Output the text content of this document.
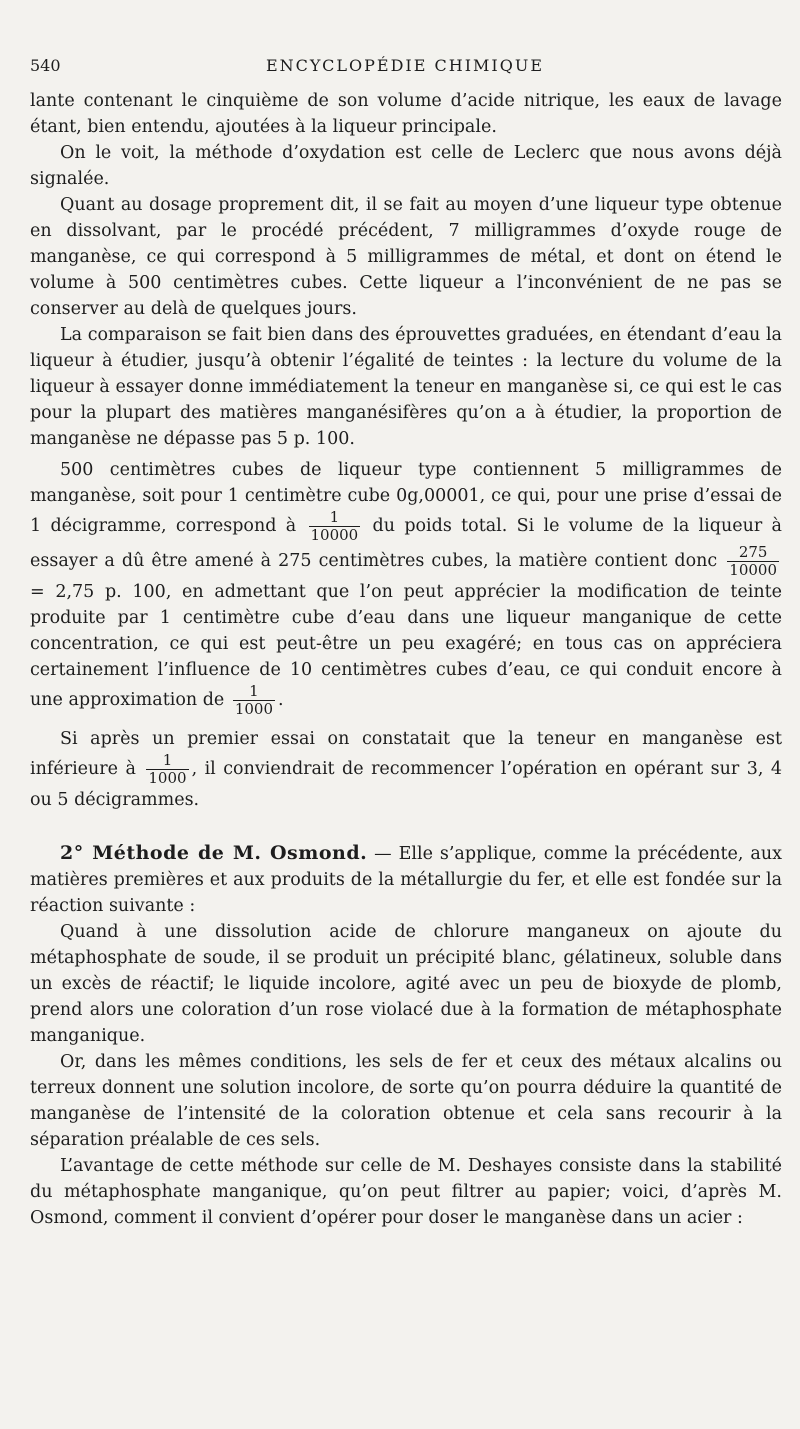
540	ENCYCLOPÉDIE CHIMIQUE

lante contenant le cinquième de son volume d’acide nitrique, les eaux de lavage étant, bien entendu, ajoutées à la liqueur principale.

On le voit, la méthode d’oxydation est celle de Leclerc que nous avons déjà signalée.

Quant au dosage proprement dit, il se fait au moyen d’une liqueur type obtenue en dissolvant, par le procédé précédent, 7 milligrammes d’oxyde rouge de manganèse, ce qui correspond à 5 milligrammes de métal, et dont on étend le volume à 500 centimètres cubes. Cette liqueur a l’inconvénient de ne pas se conserver au delà de quelques jours.

La comparaison se fait bien dans des éprouvettes graduées, en étendant d’eau la liqueur à étudier, jusqu’à obtenir l’égalité de teintes : la lecture du volume de la liqueur à essayer donne immédiatement la teneur en manganèse si, ce qui est le cas pour la plupart des matières manganésifères qu’on a à étudier, la proportion de manganèse ne dépasse pas 5 p. 100.

500 centimètres cubes de liqueur type contiennent 5 milligrammes de manganèse, soit pour 1 centimètre cube 0g,00001, ce qui, pour une prise d’essai de 1 décigramme, correspond à $\frac{1}{10000}$ du poids total. Si le volume de la liqueur à essayer a dû être amené à 275 centimètres cubes, la matière contient donc $\frac{275}{10000}$
= 2,75 p. 100, en admettant que l’on peut apprécier la modification de teinte produite par 1 centimètre cube d’eau dans une liqueur manganique de cette concentration, ce qui est peut-être un peu exagéré; en tous cas on appréciera certainement l’influence de 10 centimètres cubes d’eau, ce qui conduit encore à une approximation de $\frac{1}{1000}$ .

Si après un premier essai on constatait que la teneur en manganèse est inférieure à $\frac{1}{1000}$ , il conviendrait de recommencer l’opération en opérant sur 3, 4 ou 5 décigrammes.

2° Méthode de M. Osmond. — Elle s’applique, comme la précédente, aux matières premières et aux produits de la métallurgie du fer, et elle est fondée sur la réaction suivante :

Quand à une dissolution acide de chlorure manganeux on ajoute du métaphosphate de soude, il se produit un précipité blanc, gélatineux, soluble dans un excès de réactif; le liquide incolore, agité avec un peu de bioxyde de plomb, prend alors une coloration d’un rose violacé due à la formation de métaphosphate manganique.

Or, dans les mêmes conditions, les sels de fer et ceux des métaux alcalins ou terreux donnent une solution incolore, de sorte qu’on pourra déduire la quantité de manganèse de l’intensité de la coloration obtenue et cela sans recourir à la séparation préalable de ces sels.

L’avantage de cette méthode sur celle de M. Deshayes consiste dans la stabilité du métaphosphate manganique, qu’on peut filtrer au papier; voici, d’après M. Osmond, comment il convient d’opérer pour doser le manganèse dans un acier :
